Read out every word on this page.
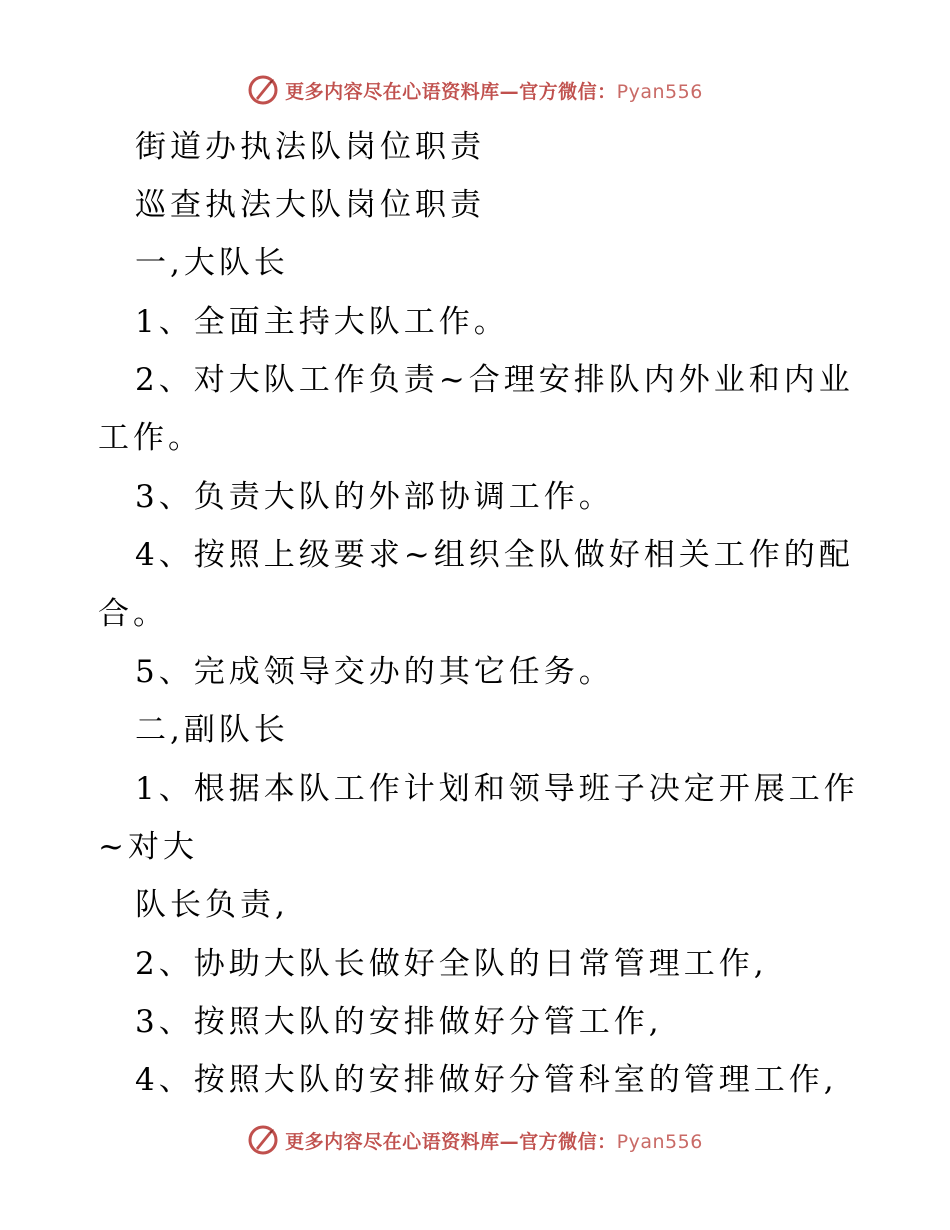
更多内容尽在心语资料库—官方微信：Pyan556
街道办执法队岗位职责
巡查执法大队岗位职责
一,大队长
1、全面主持大队工作。
2、对大队工作负责~合理安排队内外业和内业
工作。
3、负责大队的外部协调工作。
4、按照上级要求~组织全队做好相关工作的配
合。
5、完成领导交办的其它任务。
二,副队长
1、根据本队工作计划和领导班子决定开展工作
~对大
队长负责,
2、协助大队长做好全队的日常管理工作,
3、按照大队的安排做好分管工作,
4、按照大队的安排做好分管科室的管理工作,
更多内容尽在心语资料库—官方微信：Pyan556
